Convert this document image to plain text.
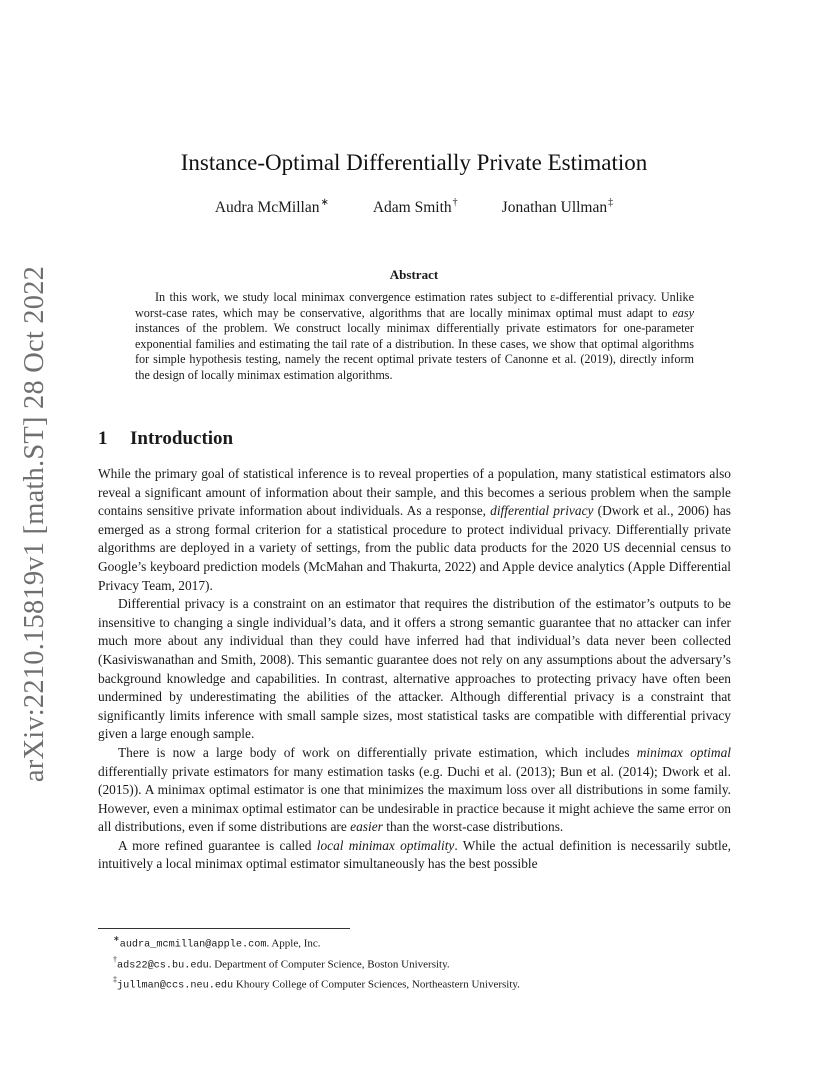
arXiv:2210.15819v1 [math.ST] 28 Oct 2022
Instance-Optimal Differentially Private Estimation
Audra McMillan∗	Adam Smith†	Jonathan Ullman‡
Abstract
In this work, we study local minimax convergence estimation rates subject to ε-differential privacy. Unlike worst-case rates, which may be conservative, algorithms that are locally minimax optimal must adapt to easy instances of the problem. We construct locally minimax differentially private estimators for one-parameter exponential families and estimating the tail rate of a distribution. In these cases, we show that optimal algorithms for simple hypothesis testing, namely the recent optimal private testers of Canonne et al. (2019), directly inform the design of locally minimax estimation algorithms.
1 Introduction

While the primary goal of statistical inference is to reveal properties of a population, many statistical estimators also reveal a significant amount of information about their sample, and this becomes a serious problem when the sample contains sensitive private information about individuals. As a response, differential privacy (Dwork et al., 2006) has emerged as a strong formal criterion for a statistical procedure to protect individual privacy. Differentially private algorithms are deployed in a variety of settings, from the public data products for the 2020 US decennial census to Google’s keyboard prediction models (McMahan and Thakurta, 2022) and Apple device analytics (Apple Differential Privacy Team, 2017).

Differential privacy is a constraint on an estimator that requires the distribution of the estimator’s outputs to be insensitive to changing a single individual’s data, and it offers a strong semantic guarantee that no attacker can infer much more about any individual than they could have inferred had that individual’s data never been collected (Kasiviswanathan and Smith, 2008). This semantic guarantee does not rely on any assumptions about the adversary’s background knowledge and capabilities. In contrast, alternative approaches to protecting privacy have often been undermined by underestimating the abilities of the attacker. Although differential privacy is a constraint that significantly limits inference with small sample sizes, most statistical tasks are compatible with differential privacy given a large enough sample.

There is now a large body of work on differentially private estimation, which includes minimax optimal differentially private estimators for many estimation tasks (e.g. Duchi et al. (2013); Bun et al. (2014); Dwork et al. (2015)). A minimax optimal estimator is one that minimizes the maximum loss over all distributions in some family. However, even a minimax optimal estimator can be undesirable in practice because it might achieve the same error on all distributions, even if some distributions are easier than the worst-case distributions.

A more refined guarantee is called local minimax optimality. While the actual definition is necessarily subtle, intuitively a local minimax optimal estimator simultaneously has the best possible

∗audra_mcmillan@apple.com. Apple, Inc.

†ads22@cs.bu.edu. Department of Computer Science, Boston University.

‡jullman@ccs.neu.edu Khoury College of Computer Sciences, Northeastern University.
